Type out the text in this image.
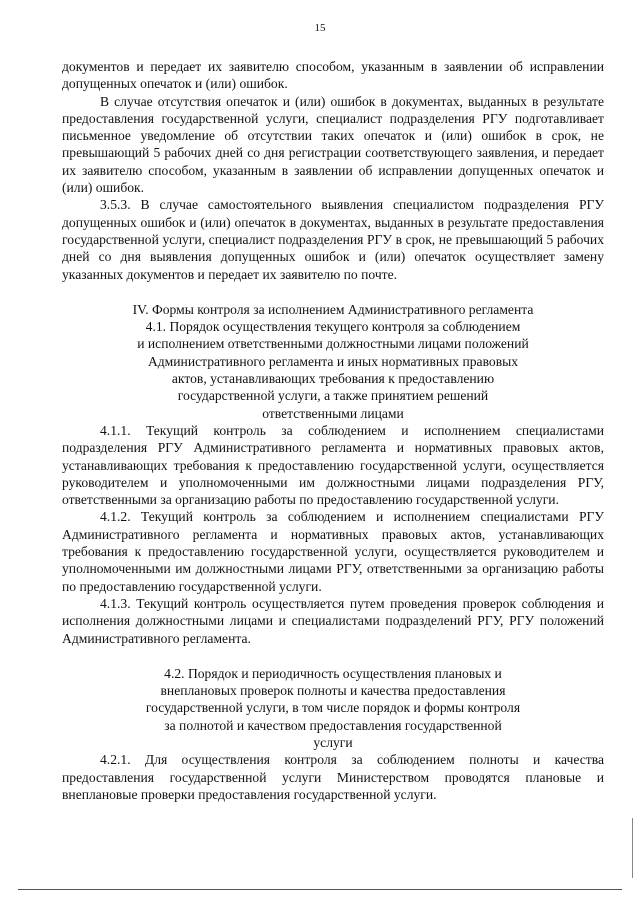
15

документов и передает их заявителю способом, указанным в заявлении об исправлении допущенных опечаток и (или) ошибок.

В случае отсутствия опечаток и (или) ошибок в документах, выданных в результате предоставления государственной услуги, специалист подразделения РГУ подготавливает письменное уведомление об отсутствии таких опечаток и (или) ошибок в срок, не превышающий 5 рабочих дней со дня регистрации соответствующего заявления, и передает их заявителю способом, указанным в заявлении об исправлении допущенных опечаток и (или) ошибок.

3.5.3. В случае самостоятельного выявления специалистом подразделения РГУ допущенных ошибок и (или) опечаток в документах, выданных в результате предоставления государственной услуги, специалист подразделения РГУ в срок, не превышающий 5 рабочих дней со дня выявления допущенных ошибок и (или) опечаток осуществляет замену указанных документов и передает их заявителю по почте.

IV. Формы контроля за исполнением Административного регламента

4.1. Порядок осуществления текущего контроля за соблюдением
и исполнением ответственными должностными лицами положений
Административного регламента и иных нормативных правовых
актов, устанавливающих требования к предоставлению
государственной услуги, а также принятием решений
ответственными лицами

4.1.1. Текущий контроль за соблюдением и исполнением специалистами подразделения РГУ Административного регламента и нормативных правовых актов, устанавливающих требования к предоставлению государственной услуги, осуществляется руководителем и уполномоченными им должностными лицами подразделения РГУ, ответственными за организацию работы по предоставлению государственной услуги.

4.1.2. Текущий контроль за соблюдением и исполнением специалистами РГУ Административного регламента и нормативных правовых актов, устанавливающих требования к предоставлению государственной услуги, осуществляется руководителем и уполномоченными им должностными лицами РГУ, ответственными за организацию работы по предоставлению государственной услуги.

4.1.3. Текущий контроль осуществляется путем проведения проверок соблюдения и исполнения должностными лицами и специалистами подразделений РГУ, РГУ положений Административного регламента.

4.2. Порядок и периодичность осуществления плановых и
внеплановых проверок полноты и качества предоставления
государственной услуги, в том числе порядок и формы контроля
за полнотой и качеством предоставления государственной
услуги

4.2.1. Для осуществления контроля за соблюдением полноты и качества предоставления государственной услуги Министерством проводятся плановые и внеплановые проверки предоставления государственной услуги.
